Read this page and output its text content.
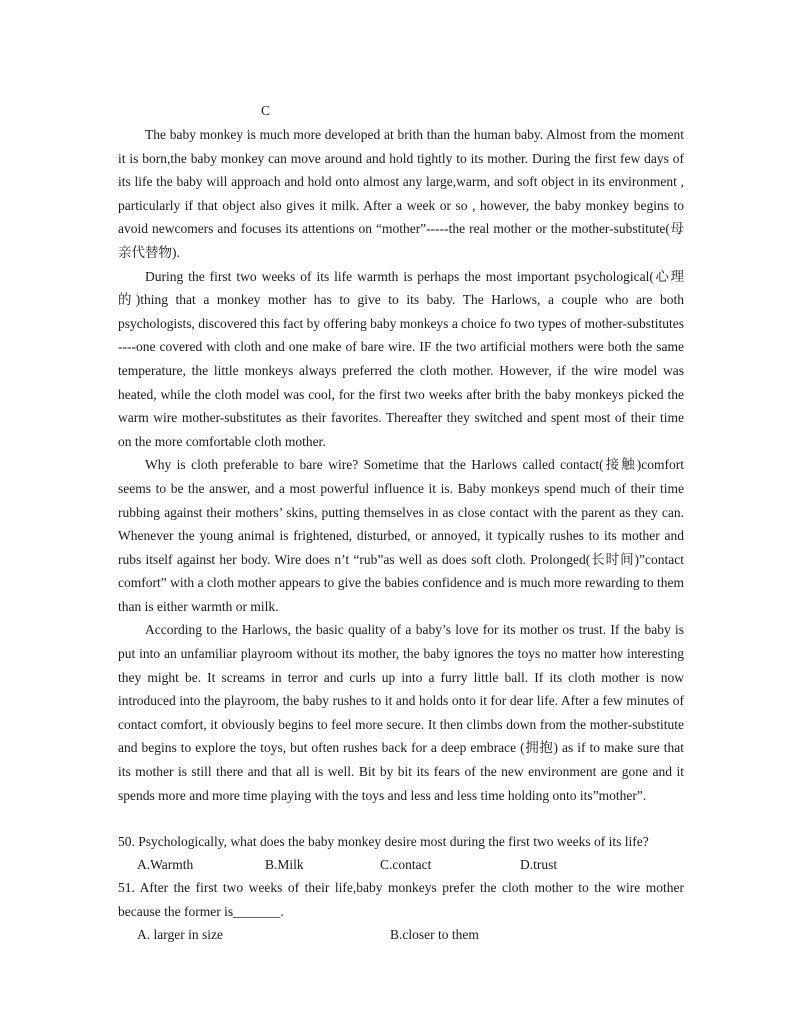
C

The baby monkey is much more developed at brith than the human baby. Almost from the moment it is born,the baby monkey can move around and hold tightly to its mother. During the first few days of its life the baby will approach and hold onto almost any large,warm, and soft object in its environment , particularly if that object also gives it milk. After a week or so , however, the baby monkey begins to avoid newcomers and focuses its attentions on “mother”-----the real mother or the mother-substitute(母亲代替物).

During the first two weeks of its life warmth is perhaps the most important psychological(心理的)thing that a monkey mother has to give to its baby. The Harlows, a couple who are both psychologists, discovered this fact by offering baby monkeys a choice fo two types of mother-substitutes ----one covered with cloth and one make of bare wire. IF the two artificial mothers were both the same temperature, the little monkeys always preferred the cloth mother. However, if the wire model was heated, while the cloth model was cool, for the first two weeks after brith the baby monkeys picked the warm wire mother-substitutes as their favorites. Thereafter they switched and spent most of their time on the more comfortable cloth mother.

Why is cloth preferable to bare wire? Sometime that the Harlows called contact(接触)comfort seems to be the answer, and a most powerful influence it is. Baby monkeys spend much of their time rubbing against their mothers’ skins, putting themselves in as close contact with the parent as they can. Whenever the young animal is frightened, disturbed, or annoyed, it typically rushes to its mother and rubs itself against her body. Wire does n’t “rub”as well as does soft cloth. Prolonged(长时间)”contact comfort” with a cloth mother appears to give the babies confidence and is much more rewarding to them than is either warmth or milk.

According to the Harlows, the basic quality of a baby’s love for its mother os trust. If the baby is put into an unfamiliar playroom without its mother, the baby ignores the toys no matter how interesting they might be. It screams in terror and curls up into a furry little ball. If its cloth mother is now introduced into the playroom, the baby rushes to it and holds onto it for dear life. After a few minutes of contact comfort, it obviously begins to feel more secure. It then climbs down from the mother-substitute and begins to explore the toys, but often rushes back for a deep embrace (拥抱) as if to make sure that its mother is still there and that all is well. Bit by bit its fears of the new environment are gone and it spends more and more time playing with the toys and less and less time holding onto its”mother”.

50. Psychologically, what does the baby monkey desire most during the first two weeks of its life?

A.Warmth	B.Milk	C.contact	D.trust

51. After the first two weeks of their life,baby monkeys prefer the cloth mother to the wire mother because the former is_______.

A. larger in size	B.closer to them
